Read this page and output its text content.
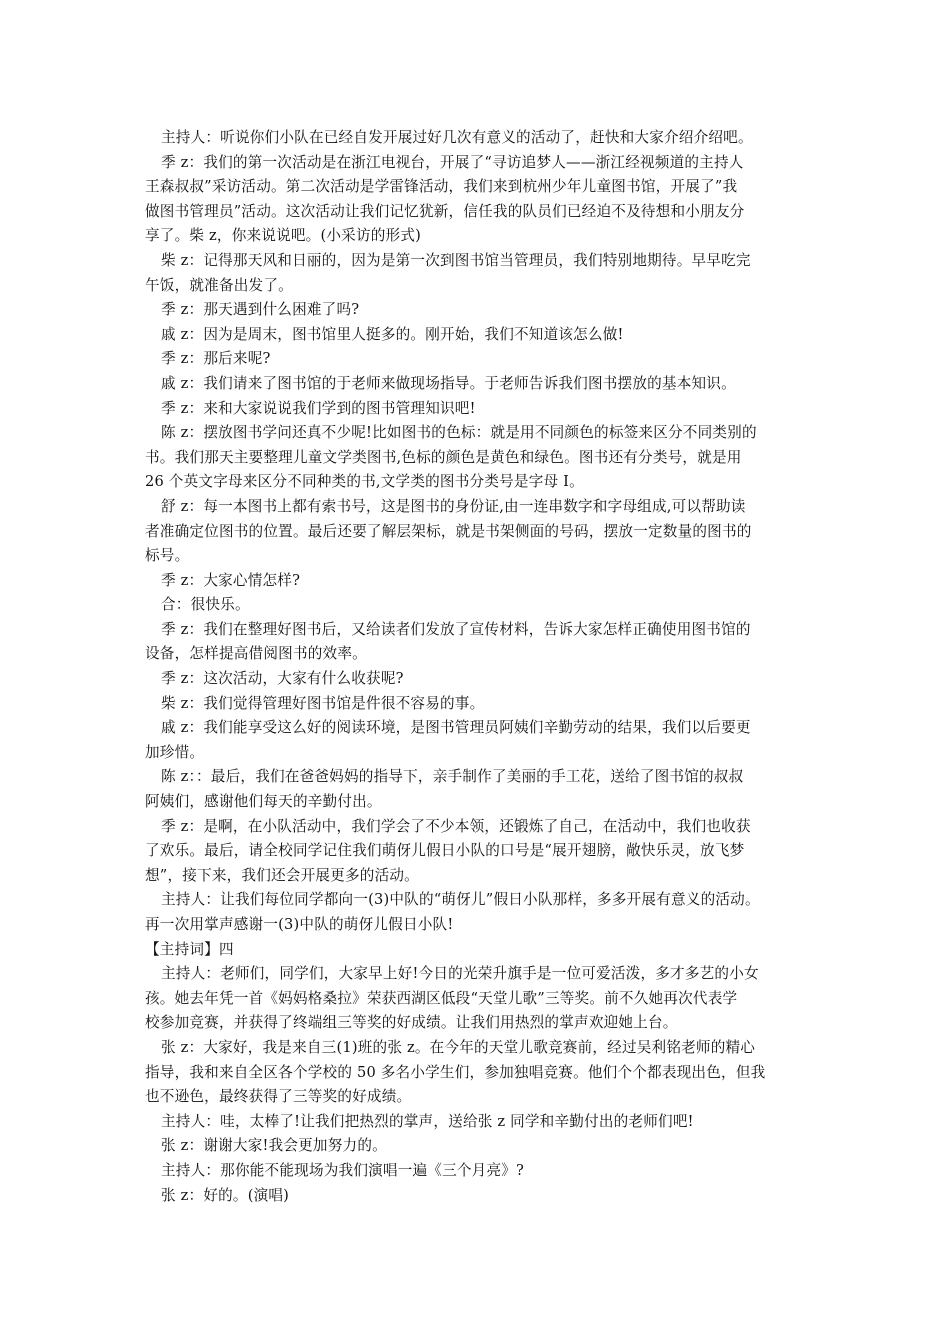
主持人：听说你们小队在已经自发开展过好几次有意义的活动了，赶快和大家介绍介绍吧。
季 z：我们的第一次活动是在浙江电视台，开展了“寻访追梦人——浙江经视频道的主持人
王森叔叔”采访活动。第二次活动是学雷锋活动，我们来到杭州少年儿童图书馆，开展了”我
做图书管理员”活动。这次活动让我们记忆犹新，信任我的队员们已经迫不及待想和小朋友分
享了。柴 z，你来说说吧。(小采访的形式)
柴 z：记得那天风和日丽的，因为是第一次到图书馆当管理员，我们特别地期待。早早吃完
午饭，就准备出发了。
季 z：那天遇到什么困难了吗?
戚 z：因为是周末，图书馆里人挺多的。刚开始，我们不知道该怎么做!
季 z：那后来呢?
戚 z：我们请来了图书馆的于老师来做现场指导。于老师告诉我们图书摆放的基本知识。
季 z：来和大家说说我们学到的图书管理知识吧!
陈 z：摆放图书学问还真不少呢!比如图书的色标：就是用不同颜色的标签来区分不同类别的
书。我们那天主要整理儿童文学类图书,色标的颜色是黄色和绿色。图书还有分类号，就是用
26 个英文字母来区分不同种类的书,文学类的图书分类号是字母 I。
舒 z：每一本图书上都有索书号，这是图书的身份证,由一连串数字和字母组成,可以帮助读
者准确定位图书的位置。最后还要了解层架标，就是书架侧面的号码，摆放一定数量的图书的
标号。
季 z：大家心情怎样?
合：很快乐。
季 z：我们在整理好图书后，又给读者们发放了宣传材料，告诉大家怎样正确使用图书馆的
设备，怎样提高借阅图书的效率。
季 z：这次活动，大家有什么收获呢?
柴 z：我们觉得管理好图书馆是件很不容易的事。
戚 z：我们能享受这么好的阅读环境，是图书管理员阿姨们辛勤劳动的结果，我们以后要更
加珍惜。
陈 z：：最后，我们在爸爸妈妈的指导下，亲手制作了美丽的手工花，送给了图书馆的叔叔
阿姨们，感谢他们每天的辛勤付出。
季 z：是啊，在小队活动中，我们学会了不少本领，还锻炼了自己，在活动中，我们也收获
了欢乐。最后，请全校同学记住我们萌伢儿假日小队的口号是“展开翅膀，敞快乐灵，放飞梦
想”，接下来，我们还会开展更多的活动。
主持人：让我们每位同学都向一(3)中队的“萌伢儿”假日小队那样，多多开展有意义的活动。
再一次用掌声感谢一(3)中队的萌伢儿假日小队!
【主持词】四
主持人：老师们，同学们，大家早上好!今日的光荣升旗手是一位可爱活泼，多才多艺的小女
孩。她去年凭一首《妈妈格桑拉》荣获西湖区低段“天堂儿歌”三等奖。前不久她再次代表学
校参加竞赛，并获得了终端组三等奖的好成绩。让我们用热烈的掌声欢迎她上台。
张 z：大家好，我是来自三(1)班的张 z。在今年的天堂儿歌竞赛前，经过吴利铭老师的精心
指导，我和来自全区各个学校的 50 多名小学生们，参加独唱竞赛。他们个个都表现出色，但我
也不逊色，最终获得了三等奖的好成绩。
主持人：哇，太棒了!让我们把热烈的掌声，送给张 z 同学和辛勤付出的老师们吧!
张 z：谢谢大家!我会更加努力的。
主持人：那你能不能现场为我们演唱一遍《三个月亮》?
张 z：好的。(演唱)
